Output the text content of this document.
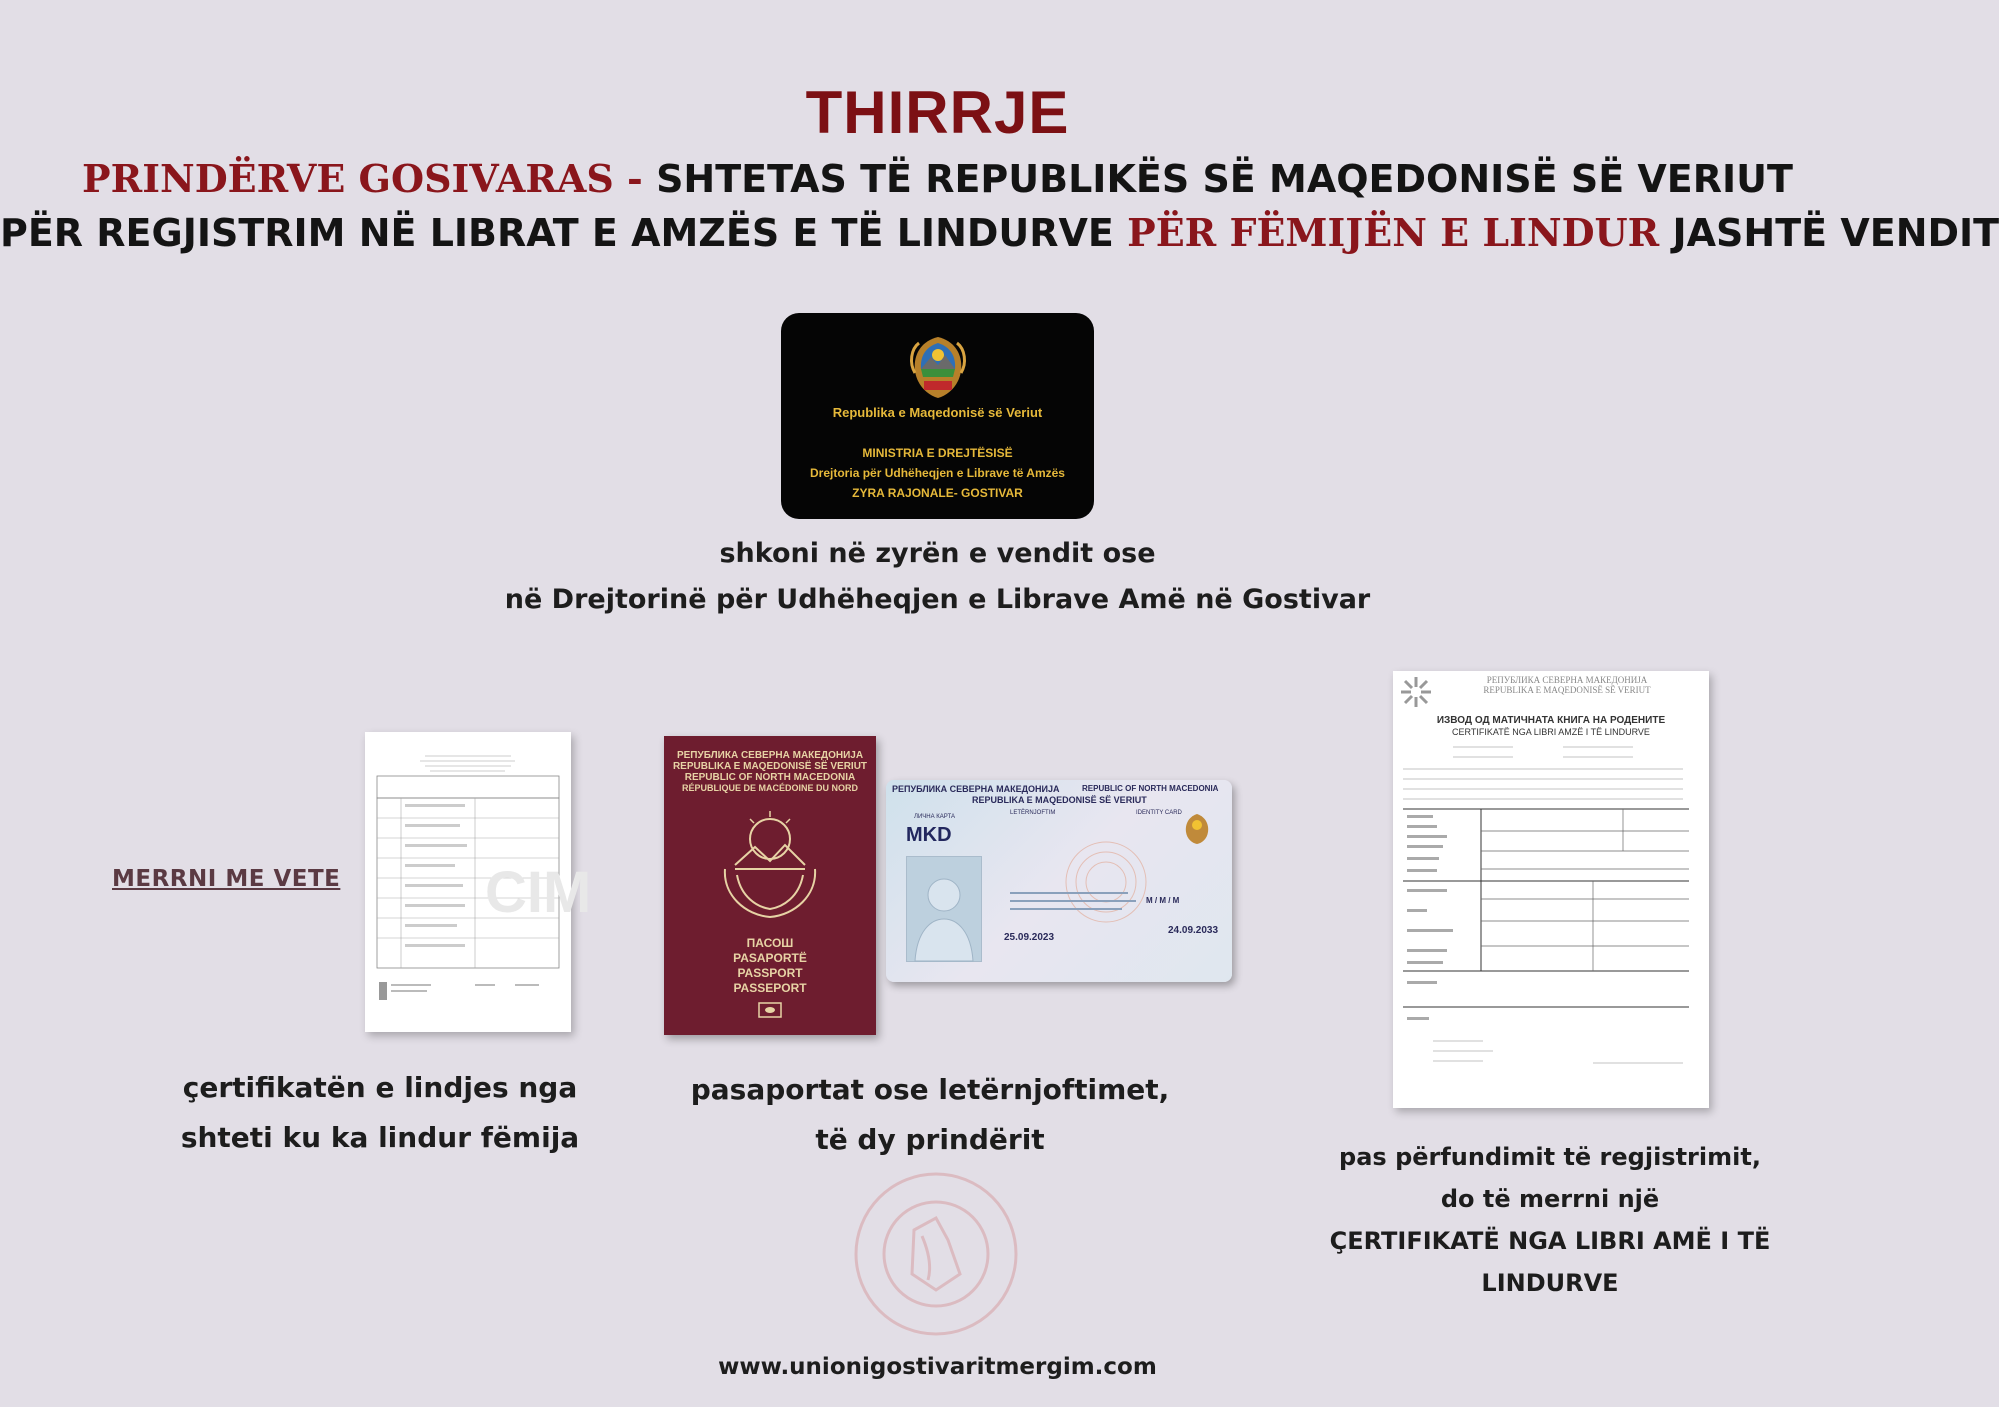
THIRRJE
PRINDËRVE GOSIVARAS - SHTETAS TË REPUBLIKËS SË MAQEDONISË SË VERIUT
PËR REGJISTRIM NË LIBRAT E AMZËS E TË LINDURVE PËR FËMIJËN E LINDUR JASHTË VENDIT
Republika e Maqedonisë së Veriut
MINISTRIA E DREJTËSISË
Drejtoria për Udhëheqjen e Librave të Amzës
ZYRA RAJONALE- GOSTIVAR
shkoni në zyrën e vendit ose
në Drejtorinë për Udhëheqjen e Librave Amë në Gostivar
MERRNI ME VETE CIM
çertifikatën e lindjes nga
shteti ku ka lindur fëmija
РЕПУБЛИКА СЕВЕРНА МАКЕДОНИЈА
REPUBLIKA E MAQEDONISË SË VERIUT
REPUBLIC OF NORTH MACEDONIA
RÉPUBLIQUE DE MACÉDOINE DU NORD
ПАСОШ
PASAPORTË
PASSPORT
PASSEPORT
РЕПУБЛИКА СЕВЕРНА МАКЕДОНИЈА	REPUBLIC OF NORTH MACEDONIA
REPUBLIKA E MAQEDONISË SË VERIUT
ЛИЧНА КАРТА
LETËRNJOFTIM	IDENTITY CARD
MKD
M / M / M
25.09.2023
24.09.2033
pasaportat ose letërnjoftimet,
të dy prindërit
РЕПУБЛИКА СЕВЕРНА МАКЕДОНИЈА
REPUBLIKA E MAQEDONISË SË VERIUT
ИЗВОД ОД МАТИЧНАТА КНИГА НА РОДЕНИТЕ
CERTIFIKATË NGA LIBRI AMZË I TË LINDURVE
pas përfundimit të regjistrimit,
do të merrni një
ÇERTIFIKATË NGA LIBRI AMË I TË LINDURVE
www.unionigostivaritmergim.com
